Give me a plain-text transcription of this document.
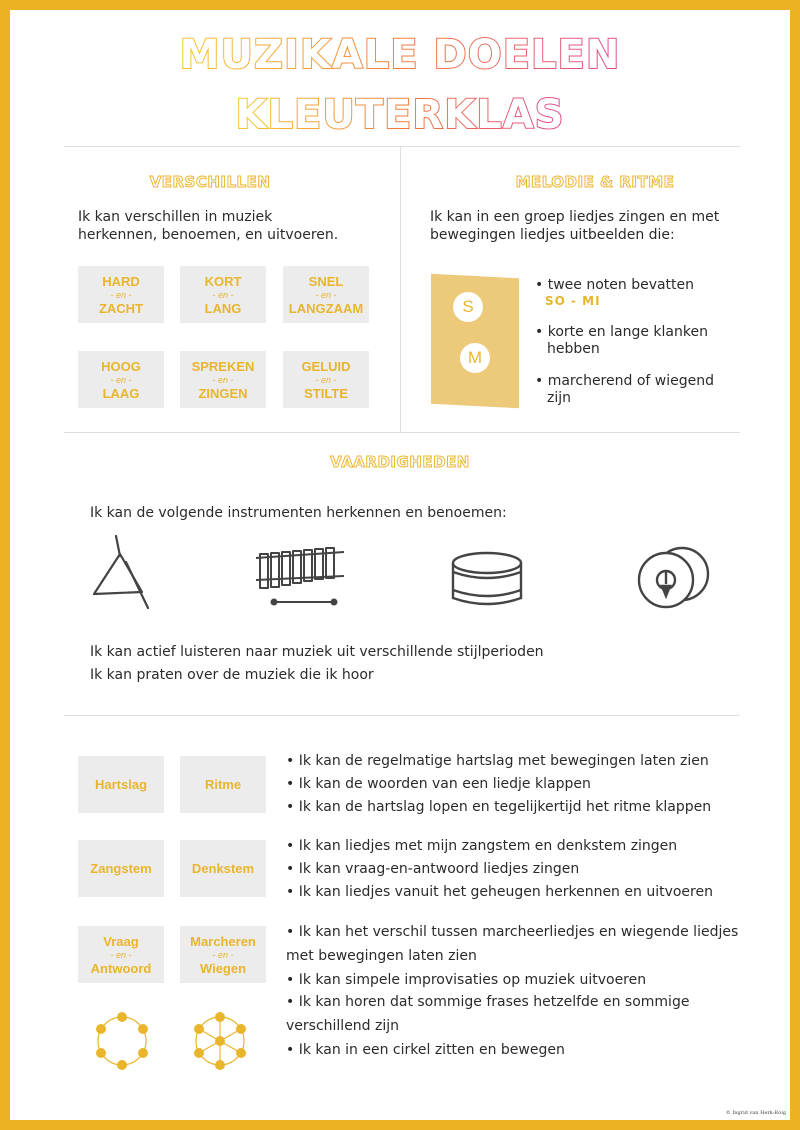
MUZIKALE DOELEN
KLEUTERKLAS
VERSCHILLEN
Ik kan verschillen in muziek
herkennen, benoemen, en uitvoeren.
HARD
- en -
ZACHT
KORT
- en -
LANG
SNEL
- en -
LANGZAAM
HOOG
- en -
LAAG
SPREKEN
- en -
ZINGEN
GELUID
- en -
STILTE
MELODIE & RITME
Ik kan in een groep liedjes zingen en met
bewegingen liedjes uitbeelden die:
S
M
• twee noten bevatten
SO - MI
• korte en lange klanken
hebben
• marcherend of wiegend
zijn
VAARDIGHEDEN
Ik kan de volgende instrumenten herkennen en benoemen:
Ik kan actief luisteren naar muziek uit verschillende stijlperioden
Ik kan praten over de muziek die ik hoor
Hartslag	Ritme
Zangstem	Denkstem
Vraag
- en -
Antwoord
Marcheren
- en -
Wiegen
• Ik kan de regelmatige hartslag met bewegingen laten zien
• Ik kan de woorden van een liedje klappen
• Ik kan de hartslag lopen en tegelijkertijd het ritme klappen
• Ik kan liedjes met mijn zangstem en denkstem zingen
• Ik kan vraag-en-antwoord liedjes zingen
• Ik kan liedjes vanuit het geheugen herkennen en uitvoeren
• Ik kan het verschil tussen marcheerliedjes en wiegende liedjes
met bewegingen laten zien
• Ik kan simpele improvisaties op muziek uitvoeren
• Ik kan horen dat sommige frases hetzelfde en sommige
verschillend zijn
• Ik kan in een cirkel zitten en bewegen
© Ingrid van Herk-Roig
